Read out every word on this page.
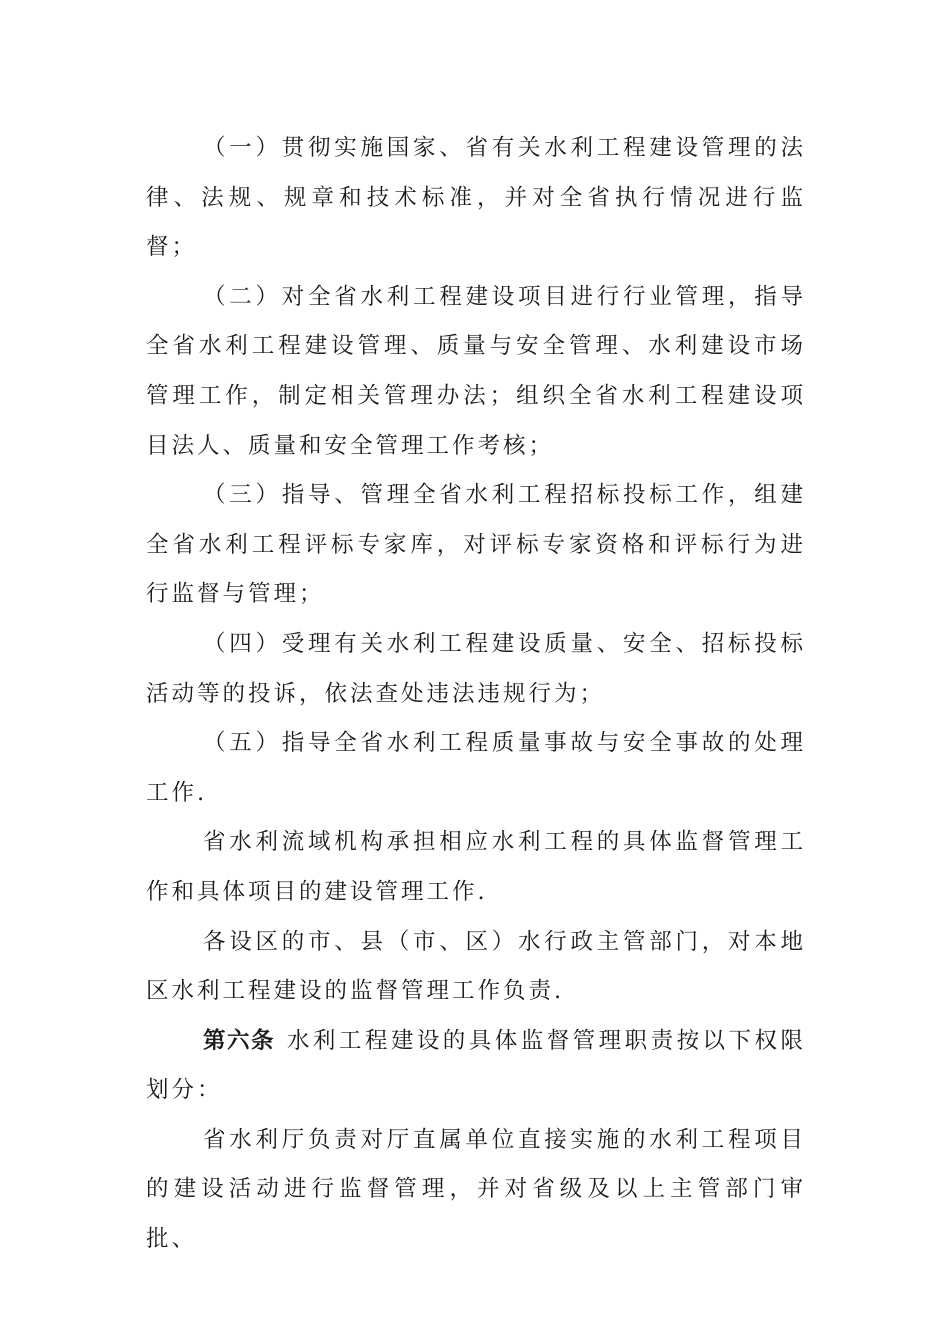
（一）贯彻实施国家、省有关水利工程建设管理的法律、法规、规章和技术标准，并对全省执行情况进行监督；

（二）对全省水利工程建设项目进行行业管理，指导全省水利工程建设管理、质量与安全管理、水利建设市场管理工作，制定相关管理办法；组织全省水利工程建设项目法人、质量和安全管理工作考核；

（三）指导、管理全省水利工程招标投标工作，组建全省水利工程评标专家库，对评标专家资格和评标行为进行监督与管理；

（四）受理有关水利工程建设质量、安全、招标投标活动等的投诉，依法查处违法违规行为；

（五）指导全省水利工程质量事故与安全事故的处理工作.

省水利流域机构承担相应水利工程的具体监督管理工作和具体项目的建设管理工作.

各设区的市、县（市、区）水行政主管部门，对本地区水利工程建设的监督管理工作负责.

第六条 水利工程建设的具体监督管理职责按以下权限划分：

省水利厅负责对厅直属单位直接实施的水利工程项目的建设活动进行监督管理，并对省级及以上主管部门审批、
